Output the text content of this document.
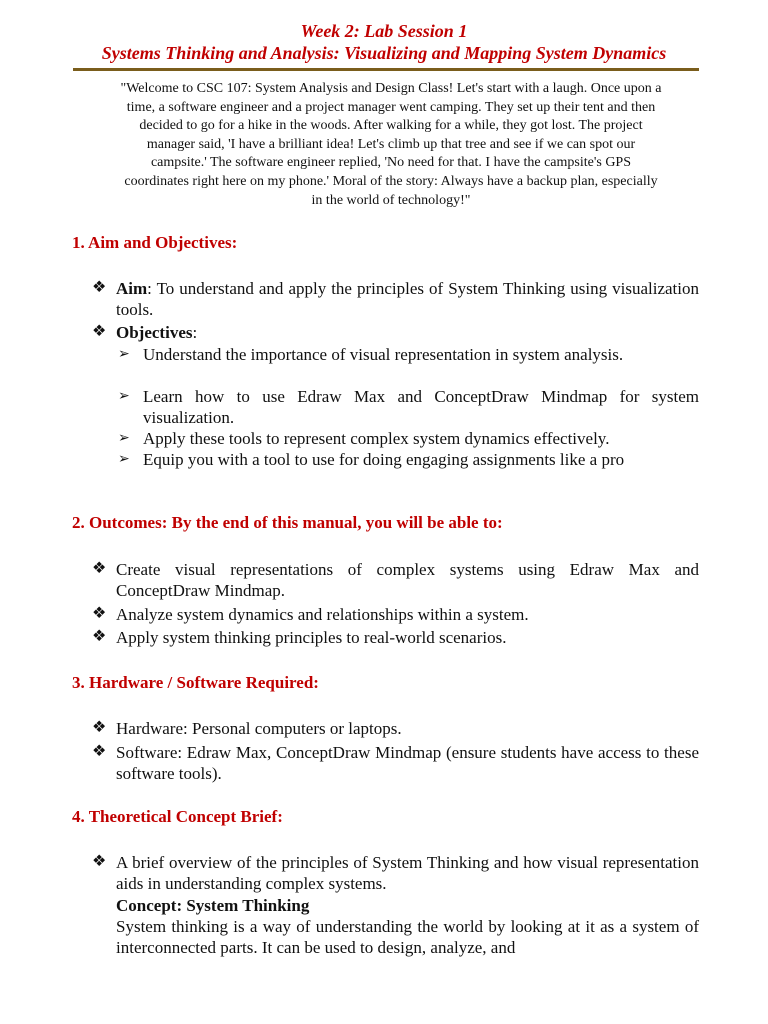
Week 2: Lab Session 1
Systems Thinking and Analysis: Visualizing and Mapping System Dynamics
"Welcome to CSC 107: System Analysis and Design Class! Let's start with a laugh. Once upon a time, a software engineer and a project manager went camping. They set up their tent and then decided to go for a hike in the woods. After walking for a while, they got lost. The project manager said, 'I have a brilliant idea! Let's climb up that tree and see if we can spot our campsite.' The software engineer replied, 'No need for that. I have the campsite's GPS coordinates right here on my phone.' Moral of the story: Always have a backup plan, especially in the world of technology!"
1. Aim and Objectives:
❖ Aim: To understand and apply the principles of System Thinking using visualization tools.
❖ Objectives:
➢ Understand the importance of visual representation in system analysis.
➢ Learn how to use Edraw Max and ConceptDraw Mindmap for system visualization.
➢ Apply these tools to represent complex system dynamics effectively.
➢ Equip you with a tool to use for doing engaging assignments like a pro
2. Outcomes: By the end of this manual, you will be able to:
❖ Create visual representations of complex systems using Edraw Max and ConceptDraw Mindmap.
❖ Analyze system dynamics and relationships within a system.
❖ Apply system thinking principles to real-world scenarios.
3. Hardware / Software Required:
❖ Hardware: Personal computers or laptops.
❖ Software: Edraw Max, ConceptDraw Mindmap (ensure students have access to these software tools).
4. Theoretical Concept Brief:
❖ A brief overview of the principles of System Thinking and how visual representation aids in understanding complex systems.
Concept: System Thinking
System thinking is a way of understanding the world by looking at it as a system of interconnected parts. It can be used to design, analyze, and
